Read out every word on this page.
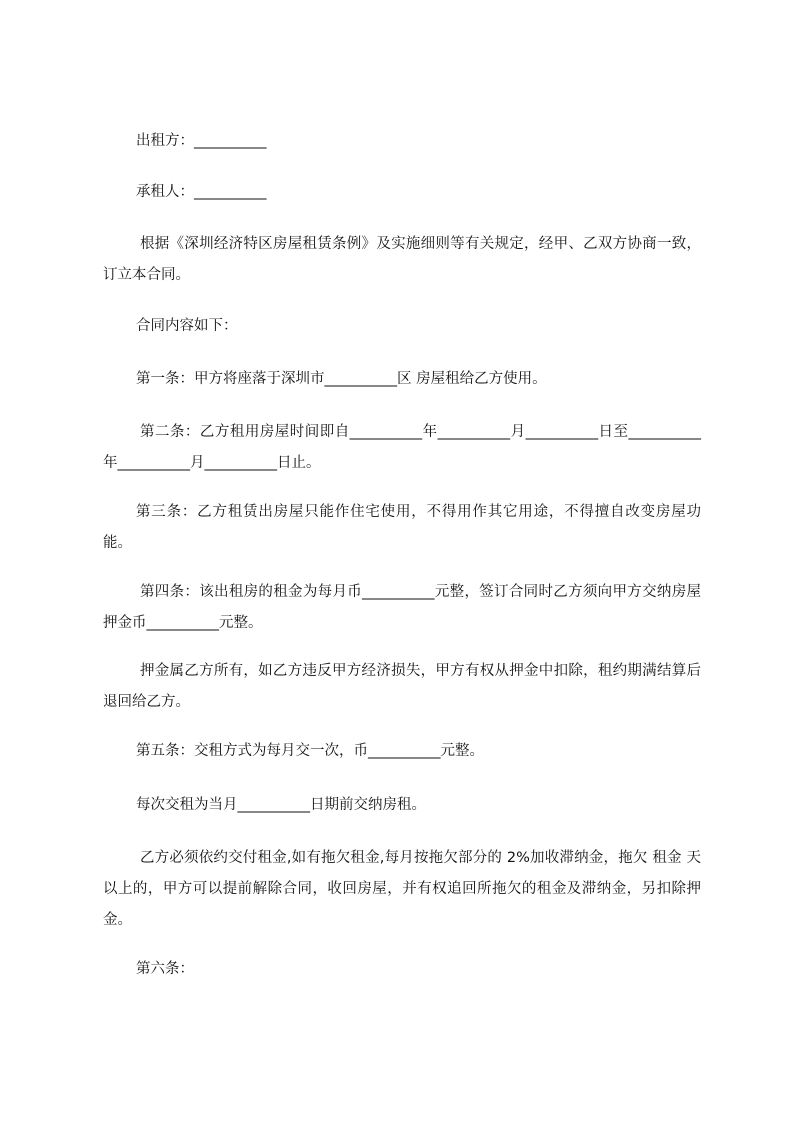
出租方：__________

承租人：__________

根据《深圳经济特区房屋租赁条例》及实施细则等有关规定，经甲、乙双方协商一致，订立本合同。

合同内容如下：

第一条：甲方将座落于深圳市__________区 房屋租给乙方使用。

第二条：乙方租用房屋时间即自__________年__________月__________日至__________年__________月__________日止。

第三条：乙方租赁出房屋只能作住宅使用，不得用作其它用途，不得擅自改变房屋功能。

第四条：该出租房的租金为每月币__________元整，签订合同时乙方须向甲方交纳房屋押金币__________元整。

押金属乙方所有，如乙方违反甲方经济损失，甲方有权从押金中扣除，租约期满结算后退回给乙方。

第五条：交租方式为每月交一次，币__________元整。

每次交租为当月__________日期前交纳房租。

乙方必须依约交付租金,如有拖欠租金,每月按拖欠部分的 2%加收滞纳金，拖欠 租金 天以上的，甲方可以提前解除合同，收回房屋，并有权追回所拖欠的租金及滞纳金，另扣除押金。

第六条：
